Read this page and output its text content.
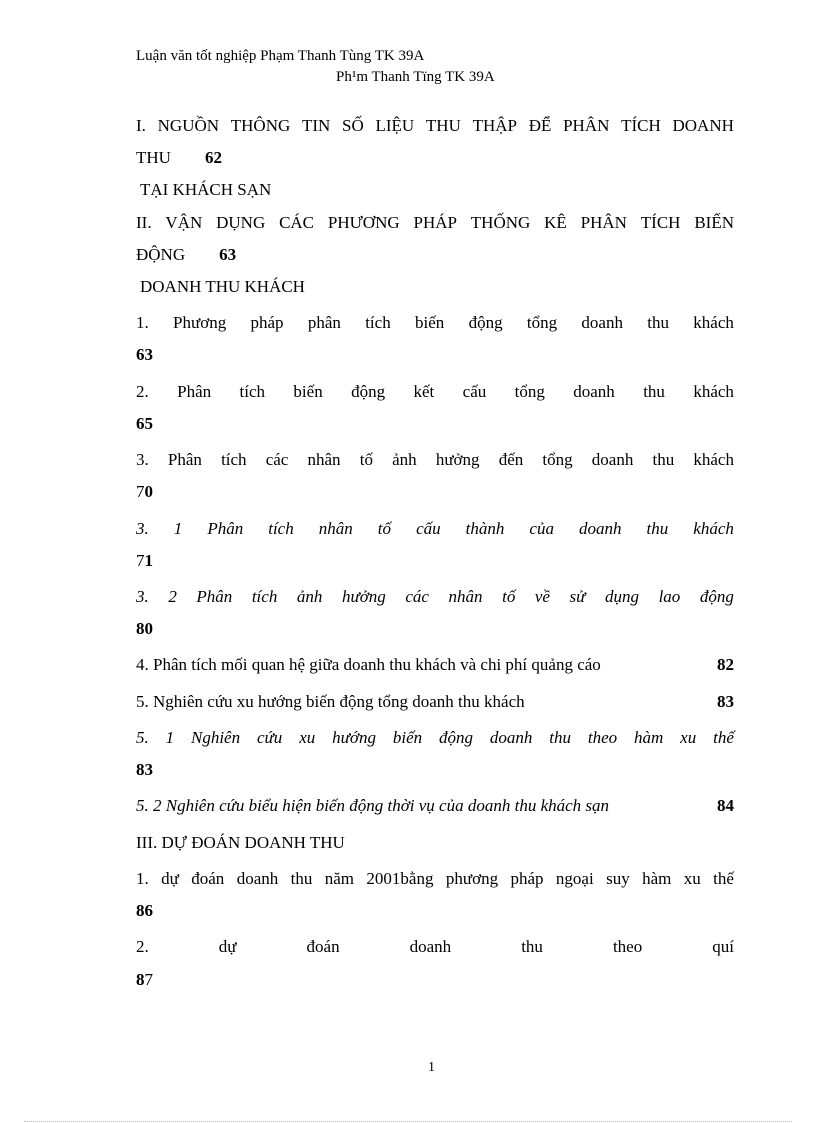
Luận văn tốt nghiệp Phạm Thanh Tùng TK 39A
Ph¹m Thanh Tïng TK 39A
I. NGUỒN THÔNG TIN SỐ LIỆU THU THẬP ĐỂ PHÂN TÍCH DOANH
THU 62
TẠI KHÁCH SẠN
II. VẬN DỤNG CÁC PHƯƠNG PHÁP THỐNG KÊ PHÂN TÍCH BIẾN
ĐỘNG 63
DOANH THU KHÁCH
1. Phương pháp phân tích biến động tổng doanh thu khách
63
2. Phân tích biến động kết cấu tổng doanh thu khách
65
3. Phân tích các nhân tố ảnh hưởng đến tổng doanh thu khách
70
3. 1 Phân tích nhân tố cấu thành của doanh thu khách
71
3. 2 Phân tích ảnh hưởng các nhân tố về sử dụng lao động
80
4. Phân tích mối quan hệ giữa doanh thu khách và chi phí quảng cáo	82
5. Nghiên cứu xu hướng biến động tổng doanh thu khách	83
5. 1 Nghiên cứu xu hướng biến động doanh thu theo hàm xu thế
83
5. 2 Nghiên cứu biểu hiện biến động thời vụ của doanh thu khách sạn	84
III. DỰ ĐOÁN DOANH THU
1. dự đoán doanh thu năm 2001bằng phương pháp ngoại suy hàm xu thế
86
2.	dự	đoán	doanh	thu	theo	quí
87
1
